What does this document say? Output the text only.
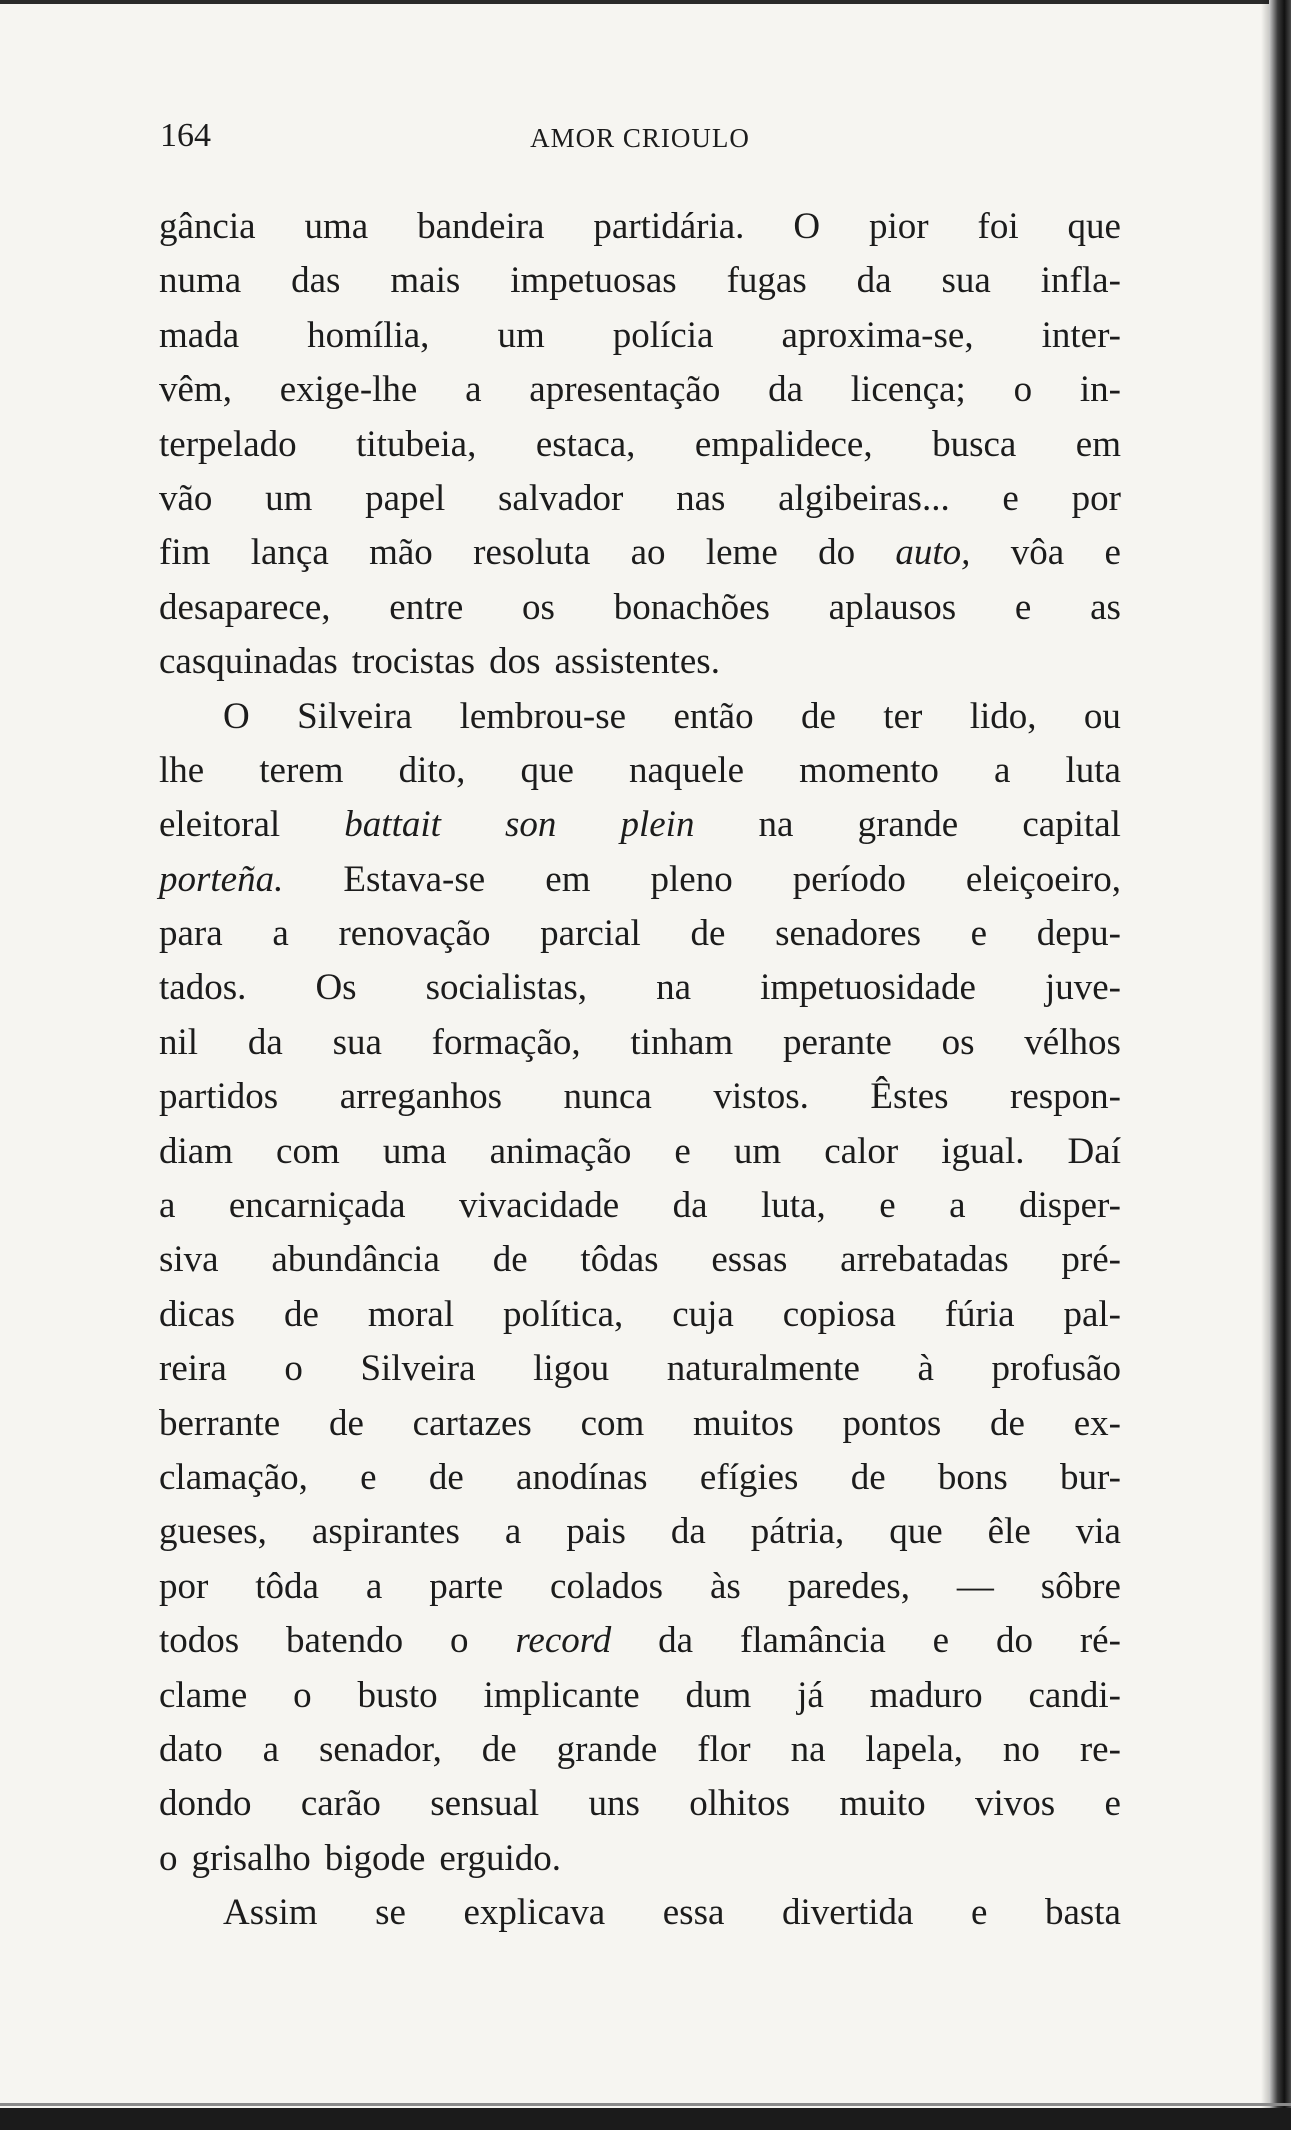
164	AMOR CRIOULO
gância uma bandeira partidária. O pior foi que
numa das mais impetuosas fugas da sua infla-
mada homília, um polícia aproxima-se, inter-
vêm, exige-lhe a apresentação da licença; o in-
terpelado titubeia, estaca, empalidece, busca em
vão um papel salvador nas algibeiras... e por
fim lança mão resoluta ao leme do auto, vôa e
desaparece, entre os bonachões aplausos e as
casquinadas trocistas dos assistentes.
O Silveira lembrou-se então de ter lido, ou
lhe terem dito, que naquele momento a luta
eleitoral battait son plein na grande capital
porteña. Estava-se em pleno período eleiçoeiro,
para a renovação parcial de senadores e depu-
tados. Os socialistas, na impetuosidade juve-
nil da sua formação, tinham perante os vélhos
partidos arreganhos nunca vistos. Êstes respon-
diam com uma animação e um calor igual. Daí
a encarniçada vivacidade da luta, e a disper-
siva abundância de tôdas essas arrebatadas pré-
dicas de moral política, cuja copiosa fúria pal-
reira o Silveira ligou naturalmente à profusão
berrante de cartazes com muitos pontos de ex-
clamação, e de anodínas efígies de bons bur-
gueses, aspirantes a pais da pátria, que êle via
por tôda a parte colados às paredes, — sôbre
todos batendo o record da flamância e do ré-
clame o busto implicante dum já maduro candi-
dato a senador, de grande flor na lapela, no re-
dondo carão sensual uns olhitos muito vivos e
o grisalho bigode erguido.
Assim se explicava essa divertida e basta
